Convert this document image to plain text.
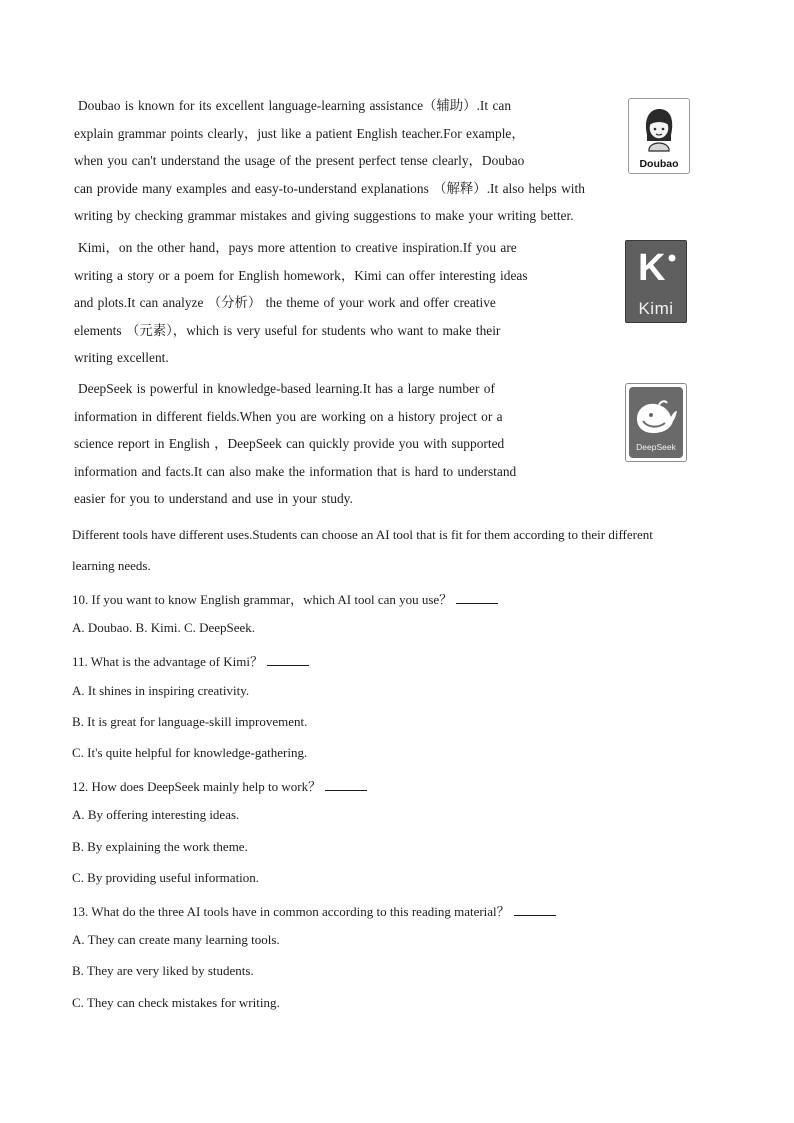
Doubao is known for its excellent language-learning assistance（辅助）.It can
explain grammar points clearly，just like a patient English teacher.For example，
when you can't understand the usage of the present perfect tense clearly，Doubao
can provide many examples and easy-to-understand explanations （解释）.It also helps with
writing by checking grammar mistakes and giving suggestions to make your writing better.
Doubao
Kimi，on the other hand，pays more attention to creative inspiration.If you are
writing a story or a poem for English homework，Kimi can offer interesting ideas
and plots.It can analyze （分析） the theme of your work and offer creative
elements （元素），which is very useful for students who want to make their
writing excellent.
K
Kimi
DeepSeek is powerful in knowledge-based learning.It has a large number of
information in different fields.When you are working on a history project or a
science report in English ，DeepSeek can quickly provide you with supported
information and facts.It can also make the information that is hard to understand
easier for you to understand and use in your study.
DeepSeek
Different tools have different uses.Students can choose an AI tool that is fit for them according to their different
learning needs.
10. If you want to know English grammar，which AI tool can you use？
A. Doubao. B. Kimi. C. DeepSeek.
11. What is the advantage of Kimi？
A. It shines in inspiring creativity.
B. It is great for language-skill improvement.
C. It's quite helpful for knowledge-gathering.
12. How does DeepSeek mainly help to work？
A. By offering interesting ideas.
B. By explaining the work theme.
C. By providing useful information.
13. What do the three AI tools have in common according to this reading material？
A. They can create many learning tools.
B. They are very liked by students.
C. They can check mistakes for writing.
